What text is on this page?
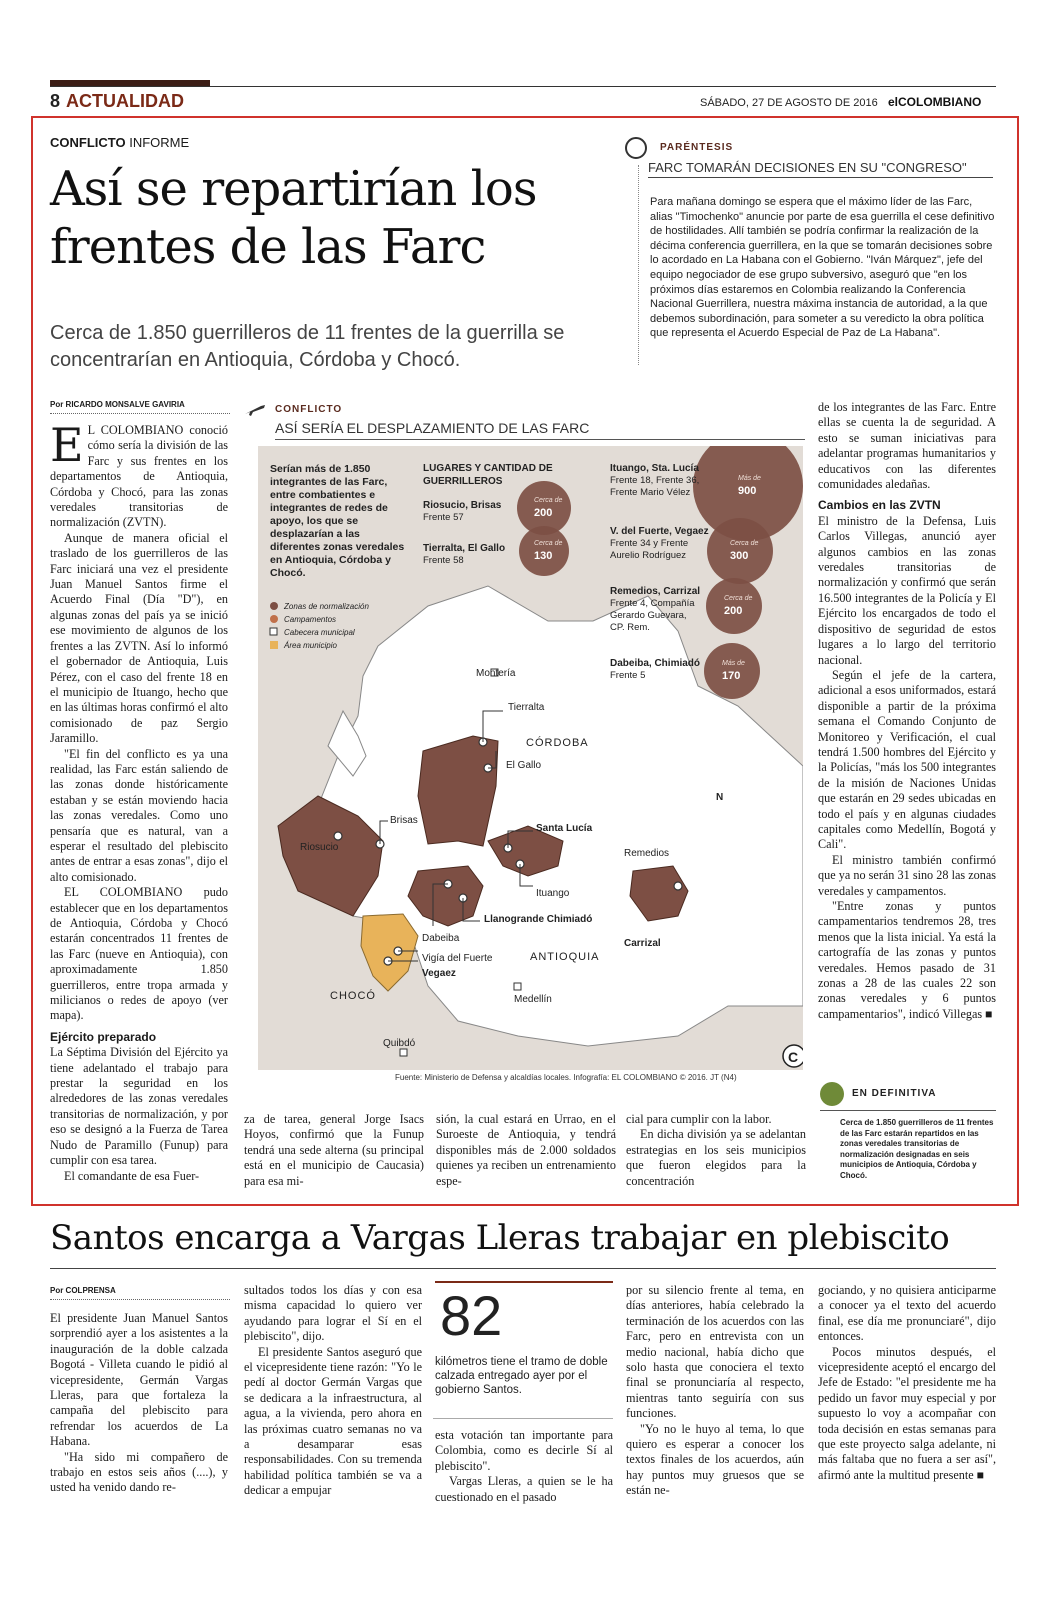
8 ACTUALIDAD	SÁBADO, 27 DE AGOSTO DE 2016 elCOLOMBIANO
CONFLICTO INFORME
Así se repartirían los frentes de las Farc
Cerca de 1.850 guerrilleros de 11 frentes de la guerrilla se concentrarían en Antioquia, Córdoba y Chocó.
PARÉNTESIS
FARC TOMARÁN DECISIONES EN SU "CONGRESO"
Para mañana domingo se espera que el máximo líder de las Farc, alias "Timochenko" anuncie por parte de esa guerrilla el cese definitivo de hostilidades. Allí también se podría confirmar la realización de la décima conferencia guerrillera, en la que se tomarán decisiones sobre lo acordado en La Habana con el Gobierno. "Iván Márquez", jefe del equipo negociador de ese grupo subversivo, aseguró que "en los próximos días estaremos en Colombia realizando la Conferencia Nacional Guerrillera, nuestra máxima instancia de autoridad, a la que debemos subordinación, para someter a su veredicto la obra política que representa el Acuerdo Especial de Paz de La Habana".
Por RICARDO MONSALVE GAVIRIA

E L COLOMBIANO conoció cómo sería la división de las Farc y sus frentes en los departamentos de Antioquia, Córdoba y Chocó, para las zonas veredales transitorias de normalización (ZVTN).

Aunque de manera oficial el traslado de los guerrilleros de las Farc iniciará una vez el presidente Juan Manuel Santos firme el Acuerdo Final (Día "D"), en algunas zonas del país ya se inició ese movimiento de algunos de los frentes a las ZVTN. Así lo informó el gobernador de Antioquia, Luis Pérez, con el caso del frente 18 en el municipio de Ituango, hecho que en las últimas horas confirmó el alto comisionado de paz Sergio Jaramillo.

"El fin del conflicto es ya una realidad, las Farc están saliendo de las zonas donde históricamente estaban y se están moviendo hacia las zonas veredales. Como uno pensaría que es natural, van a esperar el resultado del plebiscito antes de entrar a esas zonas", dijo el alto comisionado.

EL COLOMBIANO pudo establecer que en los departamentos de Antioquia, Córdoba y Chocó estarán concentrados 11 frentes de las Farc (nueve en Antioquia), con aproximadamente 1.850 guerrilleros, entre tropa armada y milicianos o redes de apoyo (ver mapa).

Ejército preparado

La Séptima División del Ejército ya tiene adelantado el trabajo para prestar la seguridad en los alrededores de las zonas veredales transitorias de normalización, y por eso se designó a la Fuerza de Tarea Nudo de Paramillo (Funup) para cumplir con esa tarea.

El comandante de esa Fuer-

CONFLICTO
ASÍ SERÍA EL DESPLAZAMIENTO DE LAS FARC
Serían más de 1.850
integrantes de las Farc,
entre combatientes e
integrantes de redes de
apoyo, los que se
desplazarían a las
diferentes zonas veredales
en Antioquia, Córdoba y
Chocó.
Zonas de normalización
Campamentos
Cabecera municipal
Área municipio
LUGARES Y CANTIDAD DE
GUERRILLEROS
Cerca de
200
Riosucio, Brisas
Frente 57
Cerca de
130
Tierralta, El Gallo
Frente 58
Más de
900
Ituango, Sta. Lucía
Frente 18, Frente 36,
Frente Mario Vélez
Cerca de
300
V. del Fuerte, Vegaez
Frente 34 y Frente
Aurelio Rodríguez
Cerca de
200
Remedios, Carrizal
Frente 4, Compañía
Gerardo Guevara,
CP. Rem.
Más de
170
Dabeiba, Chimiadó
Frente 5
Montería
Tierralta
CÓRDOBA
El Gallo
Brisas
Riosucio
Santa Lucía
Remedios
Ituango
Llanogrande Chimiadó
Carrizal
Dabeiba
Vigía del Fuerte
Vegaez
ANTIOQUIA
CHOCÓ	Medellín
Quibdó
N
C
Fuente: Ministerio de Defensa y alcaldías locales. Infografía: EL COLOMBIANO © 2016. JT (N4)

de los integrantes de las Farc. Entre ellas se cuenta la de seguridad. A esto se suman iniciativas para adelantar programas humanitarios y educativos con las diferentes comunidades aledañas.

Cambios en las ZVTN

El ministro de la Defensa, Luis Carlos Villegas, anunció ayer algunos cambios en las zonas veredales transitorias de normalización y confirmó que serán 16.500 integrantes de la Policía y El Ejército los encargados de todo el dispositivo de seguridad de estos lugares a lo largo del territorio nacional.

Según el jefe de la cartera, adicional a esos uniformados, estará disponible a partir de la próxima semana el Comando Conjunto de Monitoreo y Verificación, el cual tendrá 1.500 hombres del Ejército y la Policías, "más los 500 integrantes de la misión de Naciones Unidas que estarán en 29 sedes ubicadas en todo el país y en algunas ciudades capitales como Medellín, Bogotá y Cali".

El ministro también confirmó que ya no serán 31 sino 28 las zonas veredales y campamentos.

"Entre zonas y puntos campamentarios tendremos 28, tres menos que la lista inicial. Ya está la cartografía de las zonas y puntos veredales. Hemos pasado de 31 zonas a 28 de las cuales 22 son zonas veredales y 6 puntos campamentarios", indicó Villegas ■

za de tarea, general Jorge Isacs Hoyos, confirmó que la Funup tendrá una sede alterna (su principal está en el municipio de Caucasia) para esa mi-

sión, la cual estará en Urrao, en el Suroeste de Antioquia, y tendrá disponibles más de 2.000 soldados quienes ya reciben un entrenamiento espe-

cial para cumplir con la labor.

En dicha división ya se adelantan estrategias en los seis municipios que fueron elegidos para la concentración

EN DEFINITIVA
Cerca de 1.850 guerrilleros de 11 frentes de las Farc estarán repartidos en las zonas veredales transitorias de normalización designadas en seis municipios de Antioquia, Córdoba y Chocó.
Santos encarga a Vargas Lleras trabajar en plebiscito
Por COLPRENSA

El presidente Juan Manuel Santos sorprendió ayer a los asistentes a la inauguración de la doble calzada Bogotá - Villeta cuando le pidió al vicepresidente, Germán Vargas Lleras, para que fortaleza la campaña del plebiscito para refrendar los acuerdos de La Habana.

"Ha sido mi compañero de trabajo en estos seis años (....), y usted ha venido dando re-

sultados todos los días y con esa misma capacidad lo quiero ver ayudando para lograr el Sí en el plebiscito", dijo.

El presidente Santos aseguró que el vicepresidente tiene razón: "Yo le pedí al doctor Germán Vargas que se dedicara a la infraestructura, al agua, a la vivienda, pero ahora en las próximas cuatro semanas no va a desamparar esas responsabilidades. Con su tremenda habilidad política también se va a dedicar a empujar

82
kilómetros tiene el tramo de doble calzada entregado ayer por el gobierno Santos.

esta votación tan importante para Colombia, como es decirle Sí al plebiscito".

Vargas Lleras, a quien se le ha cuestionado en el pasado

por su silencio frente al tema, en días anteriores, había celebrado la terminación de los acuerdos con las Farc, pero en entrevista con un medio nacional, había dicho que solo hasta que conociera el texto final se pronunciaría al respecto, mientras tanto seguiría con sus funciones.

"Yo no le huyo al tema, lo que quiero es esperar a conocer los textos finales de los acuerdos, aún hay puntos muy gruesos que se están ne-

gociando, y no quisiera anticiparme a conocer ya el texto del acuerdo final, ese día me pronunciaré", dijo entonces.

Pocos minutos después, el vicepresidente aceptó el encargo del Jefe de Estado: "el presidente me ha pedido un favor muy especial y por supuesto lo voy a acompañar con toda decisión en estas semanas para que este proyecto salga adelante, ni más faltaba que no fuera a ser así", afirmó ante la multitud presente ■
